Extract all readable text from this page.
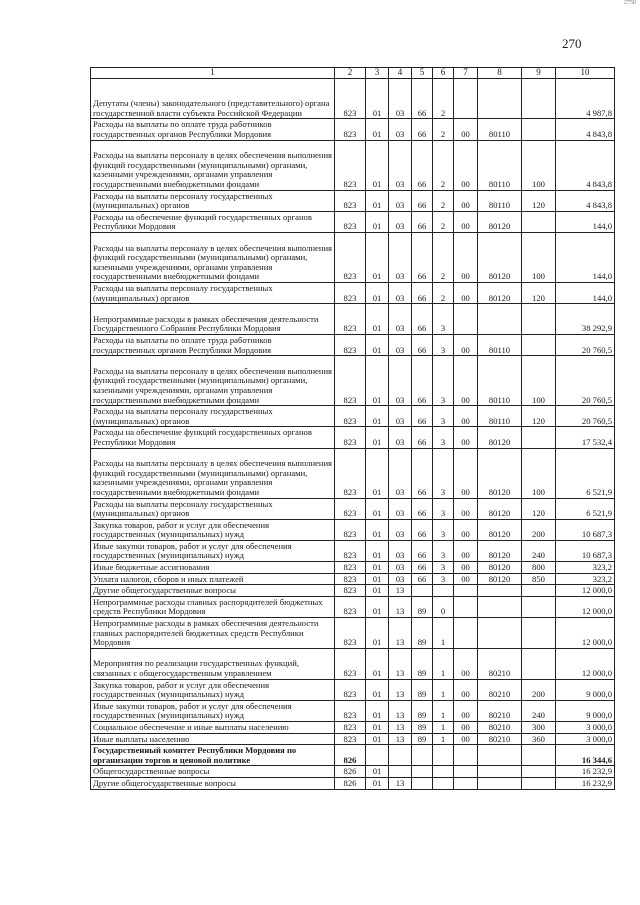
2750
270
1	2	3	4	5	6	7	8	9	10
Депутаты (члены) законодательного (представительного) органа государственной власти субъекта Российской Федерации	823	01	03	66	2				4 987,8
Расходы на выплаты по оплате труда работников государственных органов Республики Мордовия	823	01	03	66	2	00	80110		4 843,8
Расходы на выплаты персоналу в целях обеспечения выполнения функций государственными (муниципальными) органами, казенными учреждениями, органами управления государственными внебюджетными фондами	823	01	03	66	2	00	80110	100	4 843,8
Расходы на выплаты персоналу государственных (муниципальных) органов	823	01	03	66	2	00	80110	120	4 843,8
Расходы на обеспечение функций государственных органов Республики Мордовия	823	01	03	66	2	00	80120		144,0
Расходы на выплаты персоналу в целях обеспечения выполнения функций государственными (муниципальными) органами, казенными учреждениями, органами управления государственными внебюджетными фондами	823	01	03	66	2	00	80120	100	144,0
Расходы на выплаты персоналу государственных (муниципальных) органов	823	01	03	66	2	00	80120	120	144,0
Непрограммные расходы в рамках обеспечения деятельности Государственного Собрания Республики Мордовия	823	01	03	66	3				38 292,9
Расходы на выплаты по оплате труда работников государственных органов Республики Мордовия	823	01	03	66	3	00	80110		20 760,5
Расходы на выплаты персоналу в целях обеспечения выполнения функций государственными (муниципальными) органами, казенными учреждениями, органами управления государственными внебюджетными фондами	823	01	03	66	3	00	80110	100	20 760,5
Расходы на выплаты персоналу государственных (муниципальных) органов	823	01	03	66	3	00	80110	120	20 760,5
Расходы на обеспечение функций государственных органов Республики Мордовия	823	01	03	66	3	00	80120		17 532,4
Расходы на выплаты персоналу в целях обеспечения выполнения функций государственными (муниципальными) органами, казенными учреждениями, органами управления государственными внебюджетными фондами	823	01	03	66	3	00	80120	100	6 521,9
Расходы на выплаты персоналу государственных (муниципальных) органов	823	01	03	66	3	00	80120	120	6 521,9
Закупка товаров, работ и услуг для обеспечения государственных (муниципальных) нужд	823	01	03	66	3	00	80120	200	10 687,3
Иные закупки товаров, работ и услуг для обеспечения государственных (муниципальных) нужд	823	01	03	66	3	00	80120	240	10 687,3
Иные бюджетные ассигнования	823	01	03	66	3	00	80120	800	323,2
Уплата налогов, сборов и иных платежей	823	01	03	66	3	00	80120	850	323,2
Другие общегосударственные вопросы	823	01	13						12 000,0
Непрограммные расходы главных распорядителей бюджетных средств Республики Мордовия	823	01	13	89	0				12 000,0
Непрограммные расходы в рамках обеспечения деятельности главных распорядителей бюджетных средств Республики Мордовия	823	01	13	89	1				12 000,0
Мероприятия по реализации государственных функций, связанных с общегосударственным управлением	823	01	13	89	1	00	80210		12 000,0
Закупка товаров, работ и услуг для обеспечения государственных (муниципальных) нужд	823	01	13	89	1	00	80210	200	9 000,0
Иные закупки товаров, работ и услуг для обеспечения государственных (муниципальных) нужд	823	01	13	89	1	00	80210	240	9 000,0
Социальное обеспечение и иные выплаты населению	823	01	13	89	1	00	80210	300	3 000,0
Иные выплаты населению	823	01	13	89	1	00	80210	360	3 000,0
Государственный комитет Республики Мордовия по организации торгов и ценовой политике	826								16 344,6
Общегосударственные вопросы	826	01							16 232,9
Другие общегосударственные вопросы	826	01	13						16 232,9
